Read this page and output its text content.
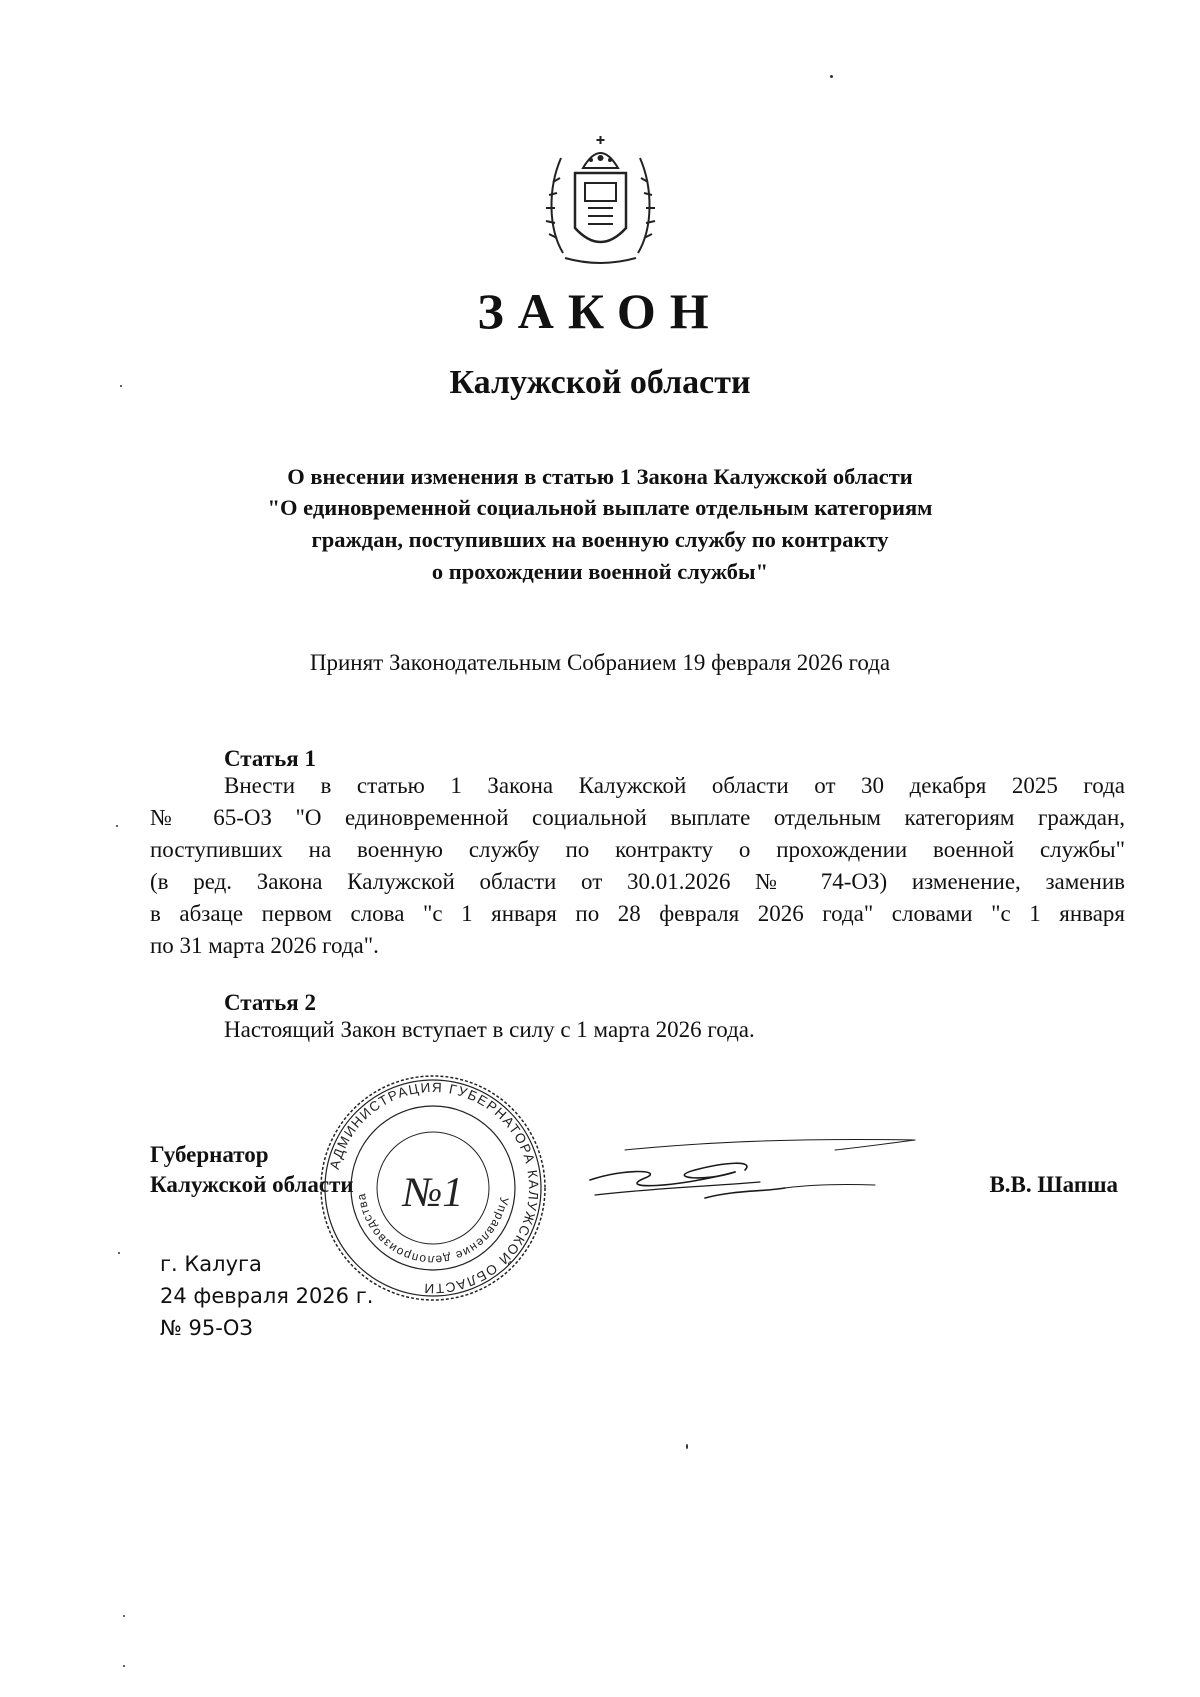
ЗАКОН
Калужской области
О внесении изменения в статью 1 Закона Калужской области
"О единовременной социальной выплате отдельным категориям
граждан, поступивших на военную службу по контракту
о прохождении военной службы"
Принят Законодательным Собранием 19 февраля 2026 года
Статья 1
Внести в статью 1 Закона Калужской области от 30 декабря 2025 года
№ 65-ОЗ "О единовременной социальной выплате отдельным категориям граждан,
поступивших на военную службу по контракту о прохождении военной службы"
(в ред. Закона Калужской области от 30.01.2026 № 74-ОЗ) изменение, заменив
в абзаце первом слова "с 1 января по 28 февраля 2026 года" словами "с 1 января
по 31 марта 2026 года".
Статья 2
Настоящий Закон вступает в силу с 1 марта 2026 года.
Губернатор
Калужской области	В.В. Шапша
АДМИНИСТРАЦИЯ ГУБЕРНАТОРА КАЛУЖСКОЙ ОБЛАСТИ
Управление делопроизводства №1
г. Калуга
24 февраля 2026 г.
№ 95-ОЗ
